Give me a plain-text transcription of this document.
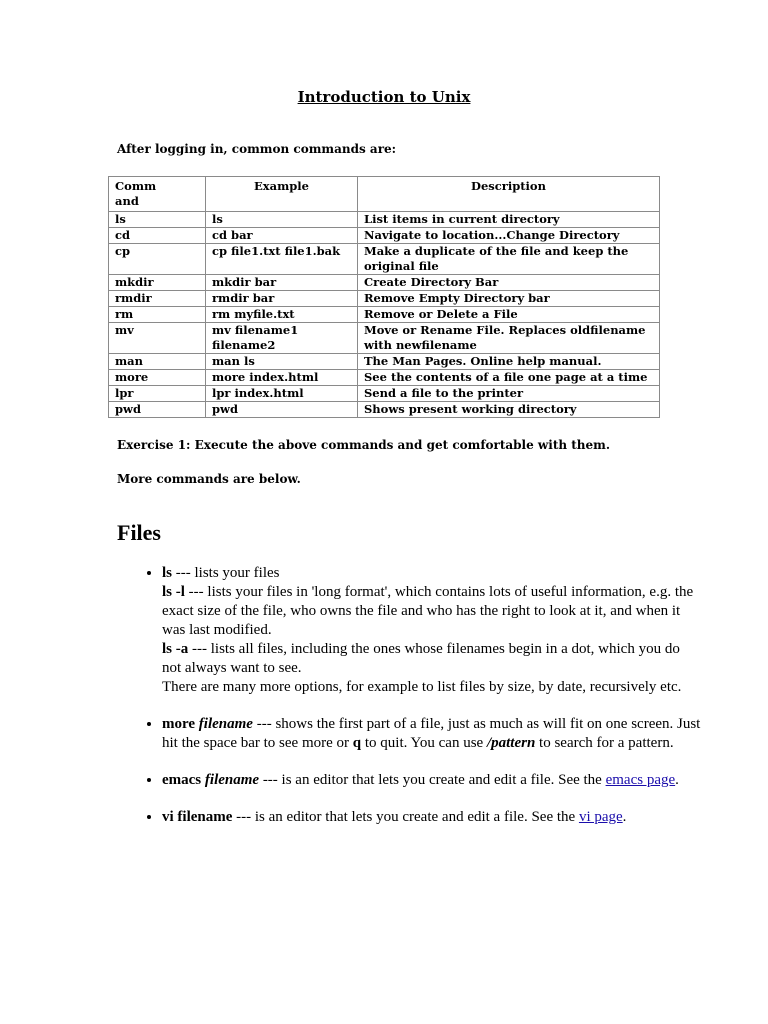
Introduction to Unix
After logging in, common commands are:
Command	Example	Description
ls	ls	List items in current directory
cd	cd bar	Navigate to location...Change Directory
cp	cp file1.txt file1.bak	Make a duplicate of the file and keep the original file
mkdir	mkdir bar	Create Directory Bar
rmdir	rmdir bar	Remove Empty Directory bar
rm	rm myfile.txt	Remove or Delete a File
mv	mv filename1 filename2	Move or Rename File. Replaces oldfilename with newfilename
man	man ls	The Man Pages. Online help manual.
more	more index.html	See the contents of a file one page at a time
lpr	lpr index.html	Send a file to the printer
pwd	pwd	Shows present working directory
Exercise 1: Execute the above commands and get comfortable with them.
More commands are below.
Files
• ls --- lists your files
ls -l --- lists your files in 'long format', which contains lots of useful information, e.g. the exact size of the file, who owns the file and who has the right to look at it, and when it was last modified.
ls -a --- lists all files, including the ones whose filenames begin in a dot, which you do not always want to see.
There are many more options, for example to list files by size, by date, recursively etc.
• more filename --- shows the first part of a file, just as much as will fit on one screen. Just hit the space bar to see more or q to quit. You can use /pattern to search for a pattern.
• emacs filename --- is an editor that lets you create and edit a file. See the emacs page.
• vi filename --- is an editor that lets you create and edit a file. See the vi page.
